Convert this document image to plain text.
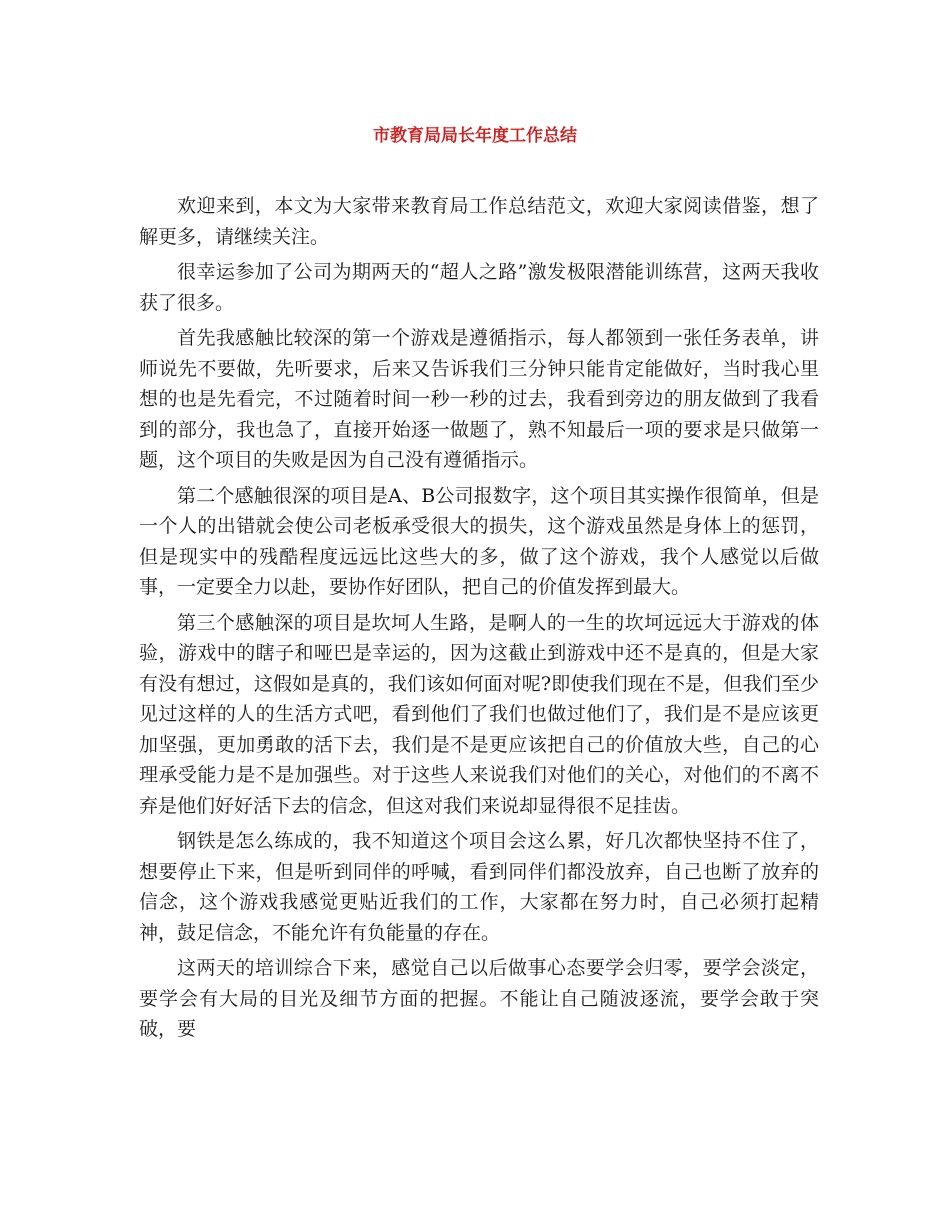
市教育局局长年度工作总结

欢迎来到，本文为大家带来教育局工作总结范文，欢迎大家阅读借鉴，想了解更多，请继续关注。

很幸运参加了公司为期两天的“超人之路”激发极限潜能训练营，这两天我收获了很多。

首先我感触比较深的第一个游戏是遵循指示，每人都领到一张任务表单，讲师说先不要做，先听要求，后来又告诉我们三分钟只能肯定能做好，当时我心里想的也是先看完，不过随着时间一秒一秒的过去，我看到旁边的朋友做到了我看到的部分，我也急了，直接开始逐一做题了，熟不知最后一项的要求是只做第一题，这个项目的失败是因为自己没有遵循指示。

第二个感触很深的项目是A、B公司报数字，这个项目其实操作很简单，但是一个人的出错就会使公司老板承受很大的损失，这个游戏虽然是身体上的惩罚，但是现实中的残酷程度远远比这些大的多，做了这个游戏，我个人感觉以后做事，一定要全力以赴，要协作好团队，把自己的价值发挥到最大。

第三个感触深的项目是坎坷人生路，是啊人的一生的坎坷远远大于游戏的体验，游戏中的瞎子和哑巴是幸运的，因为这截止到游戏中还不是真的，但是大家有没有想过，这假如是真的，我们该如何面对呢?即使我们现在不是，但我们至少见过这样的人的生活方式吧，看到他们了我们也做过他们了，我们是不是应该更加坚强，更加勇敢的活下去，我们是不是更应该把自己的价值放大些，自己的心理承受能力是不是加强些。对于这些人来说我们对他们的关心，对他们的不离不弃是他们好好活下去的信念，但这对我们来说却显得很不足挂齿。

钢铁是怎么练成的，我不知道这个项目会这么累，好几次都快坚持不住了，想要停止下来，但是听到同伴的呼喊，看到同伴们都没放弃，自己也断了放弃的信念，这个游戏我感觉更贴近我们的工作，大家都在努力时，自己必须打起精神，鼓足信念，不能允许有负能量的存在。

这两天的培训综合下来，感觉自己以后做事心态要学会归零，要学会淡定，要学会有大局的目光及细节方面的把握。不能让自己随波逐流，要学会敢于突破，要
